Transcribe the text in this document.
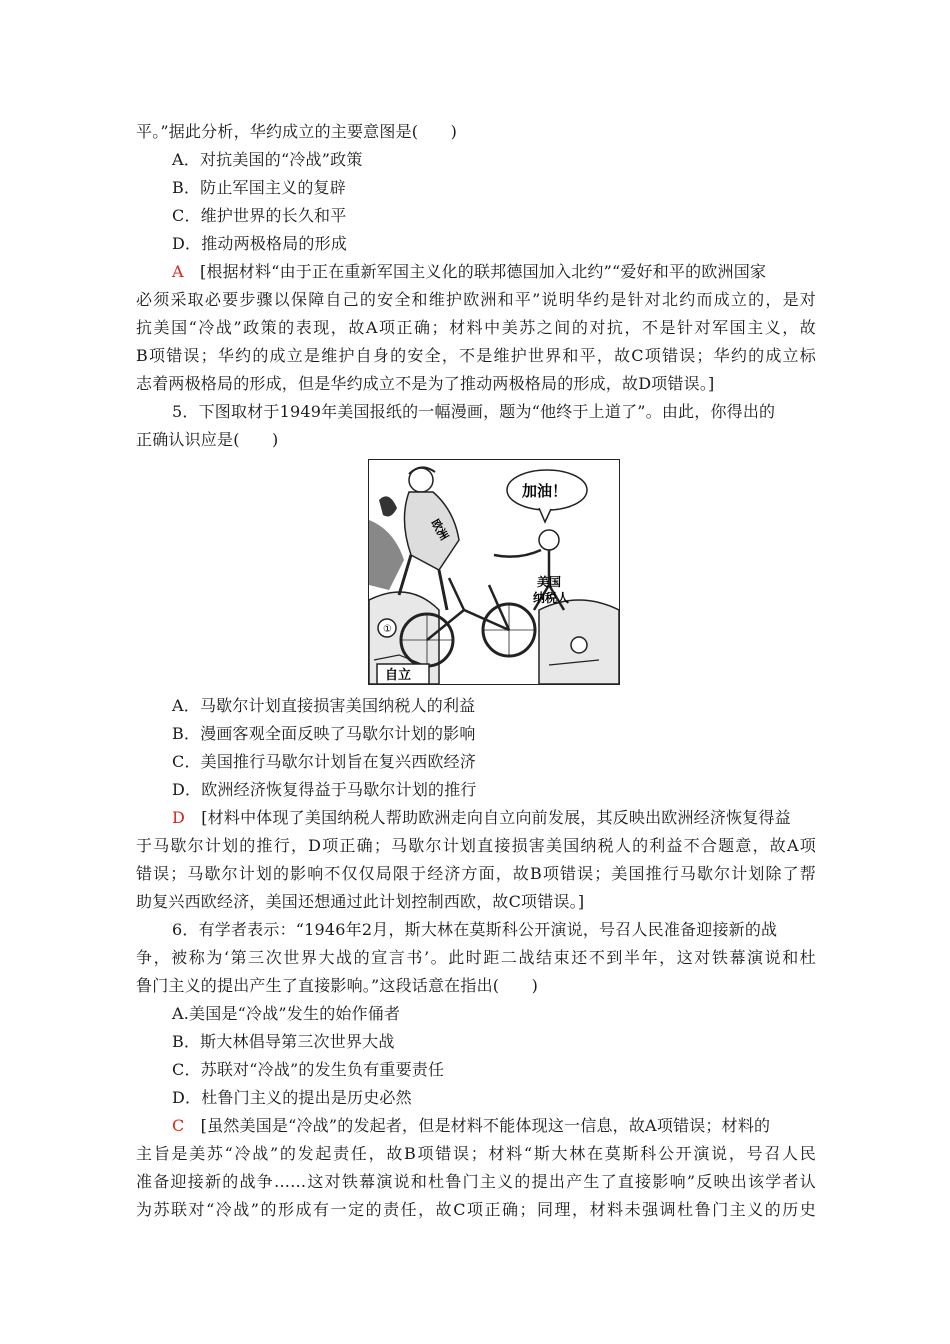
平。”据此分析，华约成立的主要意图是(　　)
A．对抗美国的“冷战”政策
B．防止军国主义的复辟
C．维护世界的长久和平
D．推动两极格局的形成
A  [根据材料“由于正在重新军国主义化的联邦德国加入北约”“爱好和平的欧洲国家
必须采取必要步骤以保障自己的安全和维护欧洲和平”说明华约是针对北约而成立的，是对
抗美国“冷战”政策的表现，故A项正确；材料中美苏之间的对抗，不是针对军国主义，故
B项错误；华约的成立是维护自身的安全，不是维护世界和平，故C项错误；华约的成立标
志着两极格局的形成，但是华约成立不是为了推动两极格局的形成，故D项错误。]
5．下图取材于1949年美国报纸的一幅漫画，题为“他终于上道了”。由此，你得出的
正确认识应是(　　)
①
加油！
欧洲
美国
纳税人
自立
A．马歇尔计划直接损害美国纳税人的利益
B．漫画客观全面反映了马歇尔计划的影响
C．美国推行马歇尔计划旨在复兴西欧经济
D．欧洲经济恢复得益于马歇尔计划的推行
D  [材料中体现了美国纳税人帮助欧洲走向自立向前发展，其反映出欧洲经济恢复得益
于马歇尔计划的推行，D项正确；马歇尔计划直接损害美国纳税人的利益不合题意，故A项
错误；马歇尔计划的影响不仅仅局限于经济方面，故B项错误；美国推行马歇尔计划除了帮
助复兴西欧经济，美国还想通过此计划控制西欧，故C项错误。]
6．有学者表示：“1946年2月，斯大林在莫斯科公开演说，号召人民准备迎接新的战
争，被称为‘第三次世界大战的宣言书’。此时距二战结束还不到半年，这对铁幕演说和杜
鲁门主义的提出产生了直接影响。”这段话意在指出(　　)
A.美国是“冷战”发生的始作俑者
B．斯大林倡导第三次世界大战
C．苏联对“冷战”的发生负有重要责任
D．杜鲁门主义的提出是历史必然
C  [虽然美国是“冷战”的发起者，但是材料不能体现这一信息，故A项错误；材料的
主旨是美苏“冷战”的发起责任，故B项错误；材料“斯大林在莫斯科公开演说，号召人民
准备迎接新的战争……这对铁幕演说和杜鲁门主义的提出产生了直接影响”反映出该学者认
为苏联对“冷战”的形成有一定的责任，故C项正确；同理，材料未强调杜鲁门主义的历史
